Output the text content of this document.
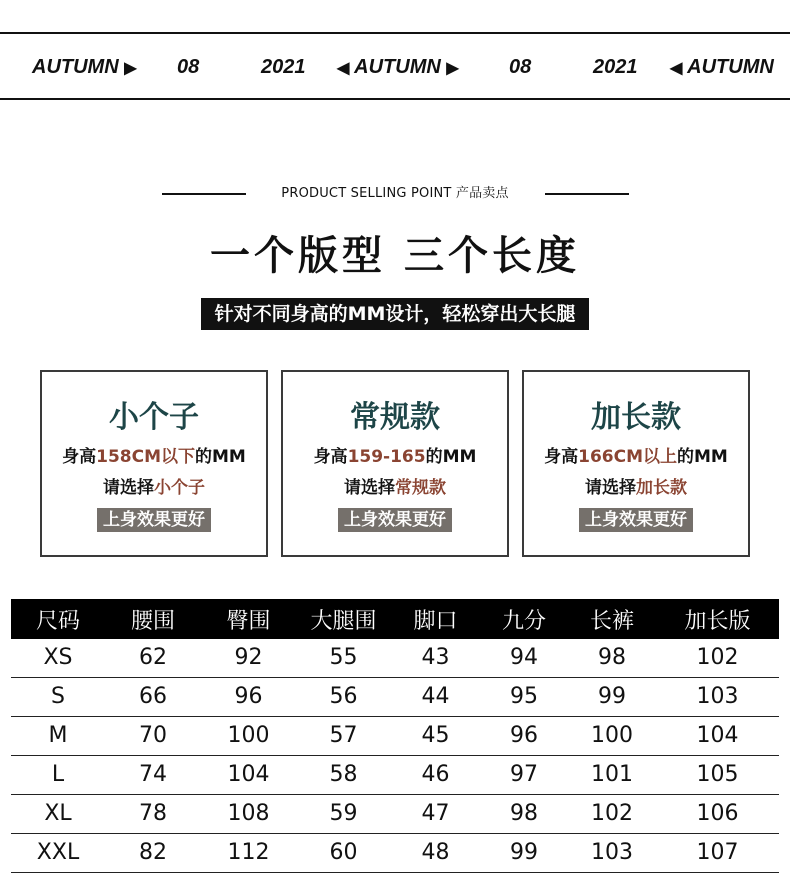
AUTUMN ▶ 08	2021 ◀ AUTUMN ▶	08	2021 ◀ AUTUMN
PRODUCT SELLING POINT 产品卖点
一个版型 三个长度
针对不同身高的MM设计，轻松穿出大长腿
小个子
身高158CM以下的MM
请选择小个子
上身效果更好
常规款
身高159-165的MM
请选择常规款
上身效果更好
加长款
身高166CM以上的MM
请选择加长款
上身效果更好
尺码	腰围	臀围	大腿围	脚口	九分	长裤	加长版
XS	62	92	55	43	94	98	102
S	66	96	56	44	95	99	103
M	70	100	57	45	96	100	104
L	74	104	58	46	97	101	105
XL	78	108	59	47	98	102	106
XXL	82	112	60	48	99	103	107
